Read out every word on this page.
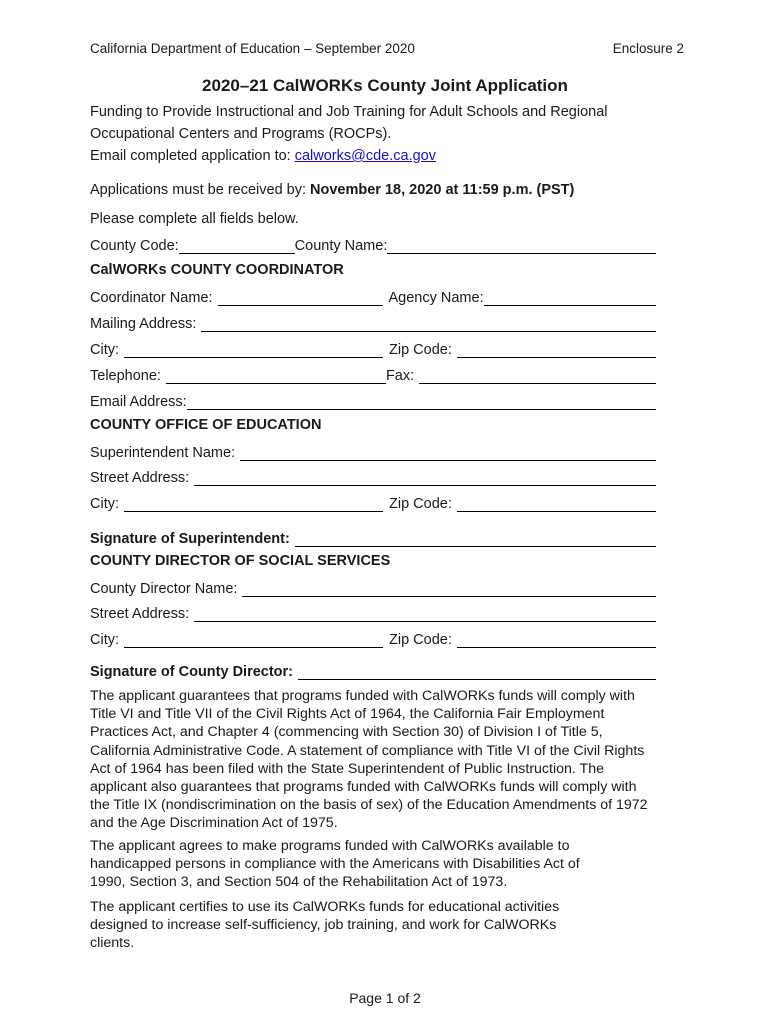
California Department of Education – September 2020	Enclosure 2
2020–21 CalWORKs County Joint Application
Funding to Provide Instructional and Job Training for Adult Schools and Regional
Occupational Centers and Programs (ROCPs).
Email completed application to: calworks@cde.ca.gov
Applications must be received by: November 18, 2020 at 11:59 p.m. (PST)
Please complete all fields below.
County Code:	County Name:
CalWORKs COUNTY COORDINATOR
Coordinator Name:	Agency Name:
Mailing Address:
City:	Zip Code:
Telephone:	Fax:
Email Address:
COUNTY OFFICE OF EDUCATION
Superintendent Name:
Street Address:
City:	Zip Code:
Signature of Superintendent:
COUNTY DIRECTOR OF SOCIAL SERVICES
County Director Name:
Street Address:
City:	Zip Code:
Signature of County Director:
The applicant guarantees that programs funded with CalWORKs funds will comply with
Title VI and Title VII of the Civil Rights Act of 1964, the California Fair Employment
Practices Act, and Chapter 4 (commencing with Section 30) of Division I of Title 5,
California Administrative Code. A statement of compliance with Title VI of the Civil Rights
Act of 1964 has been filed with the State Superintendent of Public Instruction. The
applicant also guarantees that programs funded with CalWORKs funds will comply with
the Title IX (nondiscrimination on the basis of sex) of the Education Amendments of 1972
and the Age Discrimination Act of 1975.
The applicant agrees to make programs funded with CalWORKs available to
handicapped persons in compliance with the Americans with Disabilities Act of
1990, Section 3, and Section 504 of the Rehabilitation Act of 1973.
The applicant certifies to use its CalWORKs funds for educational activities
designed to increase self-sufficiency, job training, and work for CalWORKs
clients.
Page 1 of 2
